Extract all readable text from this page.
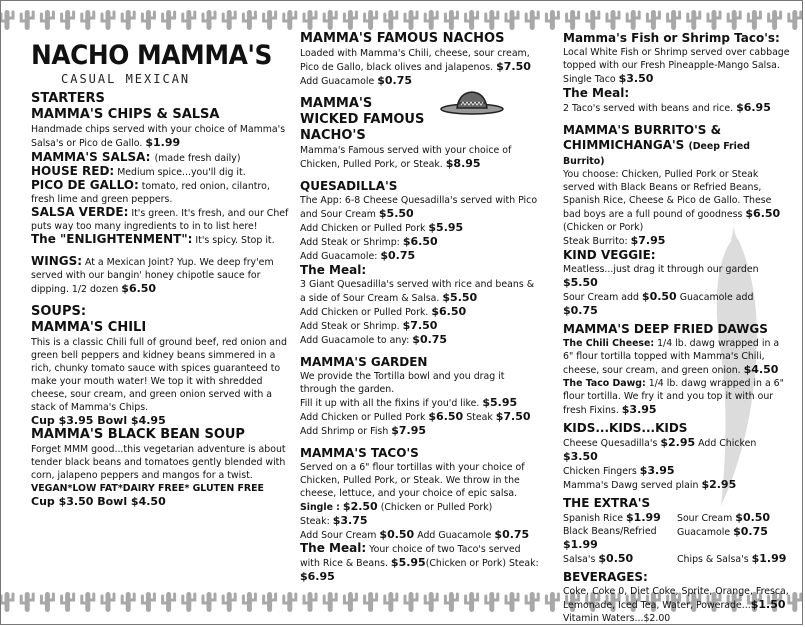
NACHO MAMMA'S
CASUAL MEXICAN
STARTERS
MAMMA'S CHIPS & SALSA
Handmade chips served with your choice of Mamma's Salsa's or Pico de Gallo. $1.99
MAMMA'S SALSA: (made fresh daily)
HOUSE RED: Medium spice...you'll dig it.
PICO DE GALLO: tomato, red onion, cilantro, fresh lime and green peppers.
SALSA VERDE: It's green. It's fresh, and our Chef puts way too many ingredients to in to list here!
The "ENLIGHTENMENT": It's spicy. Stop it.
WINGS: At a Mexican Joint? Yup. We deep fry'em served with our bangin' honey chipotle sauce for dipping. 1/2 dozen $6.50
SOUPS:
MAMMA'S CHILI
This is a classic Chili full of ground beef, red onion and green bell peppers and kidney beans simmered in a rich, chunky tomato sauce with spices guaranteed to make your mouth water! We top it with shredded cheese, sour cream, and green onion served with a stack of Mamma's Chips.
Cup $3.95 Bowl $4.95
MAMMA'S BLACK BEAN SOUP
Forget MMM good...this vegetarian adventure is about tender black beans and tomatoes gently blended with corn, jalapeno peppers and mangos for a twist.
VEGAN*LOW FAT*DAIRY FREE* GLUTEN FREE
Cup $3.50 Bowl $4.50
MAMMA'S FAMOUS NACHOS
Loaded with Mamma's Chili, cheese, sour cream, Pico de Gallo, black olives and jalapenos. $7.50
Add Guacamole $0.75
MAMMA'S WICKED FAMOUS NACHO'S
Mamma's Famous served with your choice of Chicken, Pulled Pork, or Steak. $8.95
QUESADILLA'S
The App: 6-8 Cheese Quesadilla's served with Pico and Sour Cream $5.50
Add Chicken or Pulled Pork $5.95
Add Steak or Shrimp: $6.50
Add Guacamole: $0.75
The Meal:
3 Giant Quesadilla's served with rice and beans & a side of Sour Cream & Salsa. $5.50
Add Chicken or Pulled Pork. $6.50
Add Steak or Shrimp. $7.50
Add Guacamole to any: $0.75
MAMMA'S GARDEN
We provide the Tortilla bowl and you drag it through the garden.
Fill it up with all the fixins if you'd like. $5.95
Add Chicken or Pulled Pork $6.50 Steak $7.50
Add Shrimp or Fish $7.95
MAMMA'S TACO'S
Served on a 6" flour tortillas with your choice of Chicken, Pulled Pork, or Steak. We throw in the cheese, lettuce, and your choice of epic salsa.
Single : $2.50 (Chicken or Pulled Pork)
Steak: $3.75
Add Sour Cream $0.50 Add Guacamole $0.75
The Meal: Your choice of two Taco's served with Rice & Beans. $5.95(Chicken or Pork) Steak: $6.95
Mamma's Fish or Shrimp Taco's:
Local White Fish or Shrimp served over cabbage topped with our Fresh Pineapple-Mango Salsa.
Single Taco $3.50
The Meal:
2 Taco's served with beans and rice. $6.95
MAMMA'S BURRITO'S & CHIMMICHANGA'S (Deep Fried Burrito)
You choose: Chicken, Pulled Pork or Steak served with Black Beans or Refried Beans, Spanish Rice, Cheese & Pico de Gallo. These bad boys are a full pound of goodness $6.50 (Chicken or Pork)
Steak Burrito: $7.95
KIND VEGGIE:
Meatless...just drag it through our garden $5.50
Sour Cream add $0.50 Guacamole add $0.75
MAMMA'S DEEP FRIED DAWGS
The Chili Cheese: 1/4 lb. dawg wrapped in a 6" flour tortilla topped with Mamma's Chili, cheese, sour cream, and green onion. $4.50
The Taco Dawg: 1/4 lb. dawg wrapped in a 6" flour tortilla. We fry it and you top it with our fresh Fixins. $3.95
KIDS...KIDS...KIDS
Cheese Quesadilla's $2.95 Add Chicken $3.50
Chicken Fingers $3.95
Mamma's Dawg served plain $2.95
THE EXTRA'S
Spanish Rice $1.99	Sour Cream $0.50
Black Beans/Refried $1.99
Guacamole $0.75
Salsa's $0.50	Chips & Salsa's $1.99
BEVERAGES:
Coke, Coke 0, Diet Coke, Sprite, Orange, Fresca, Lemonade, Iced Tea, Water, Powerade...$1.50
Vitamin Waters...$2.00
